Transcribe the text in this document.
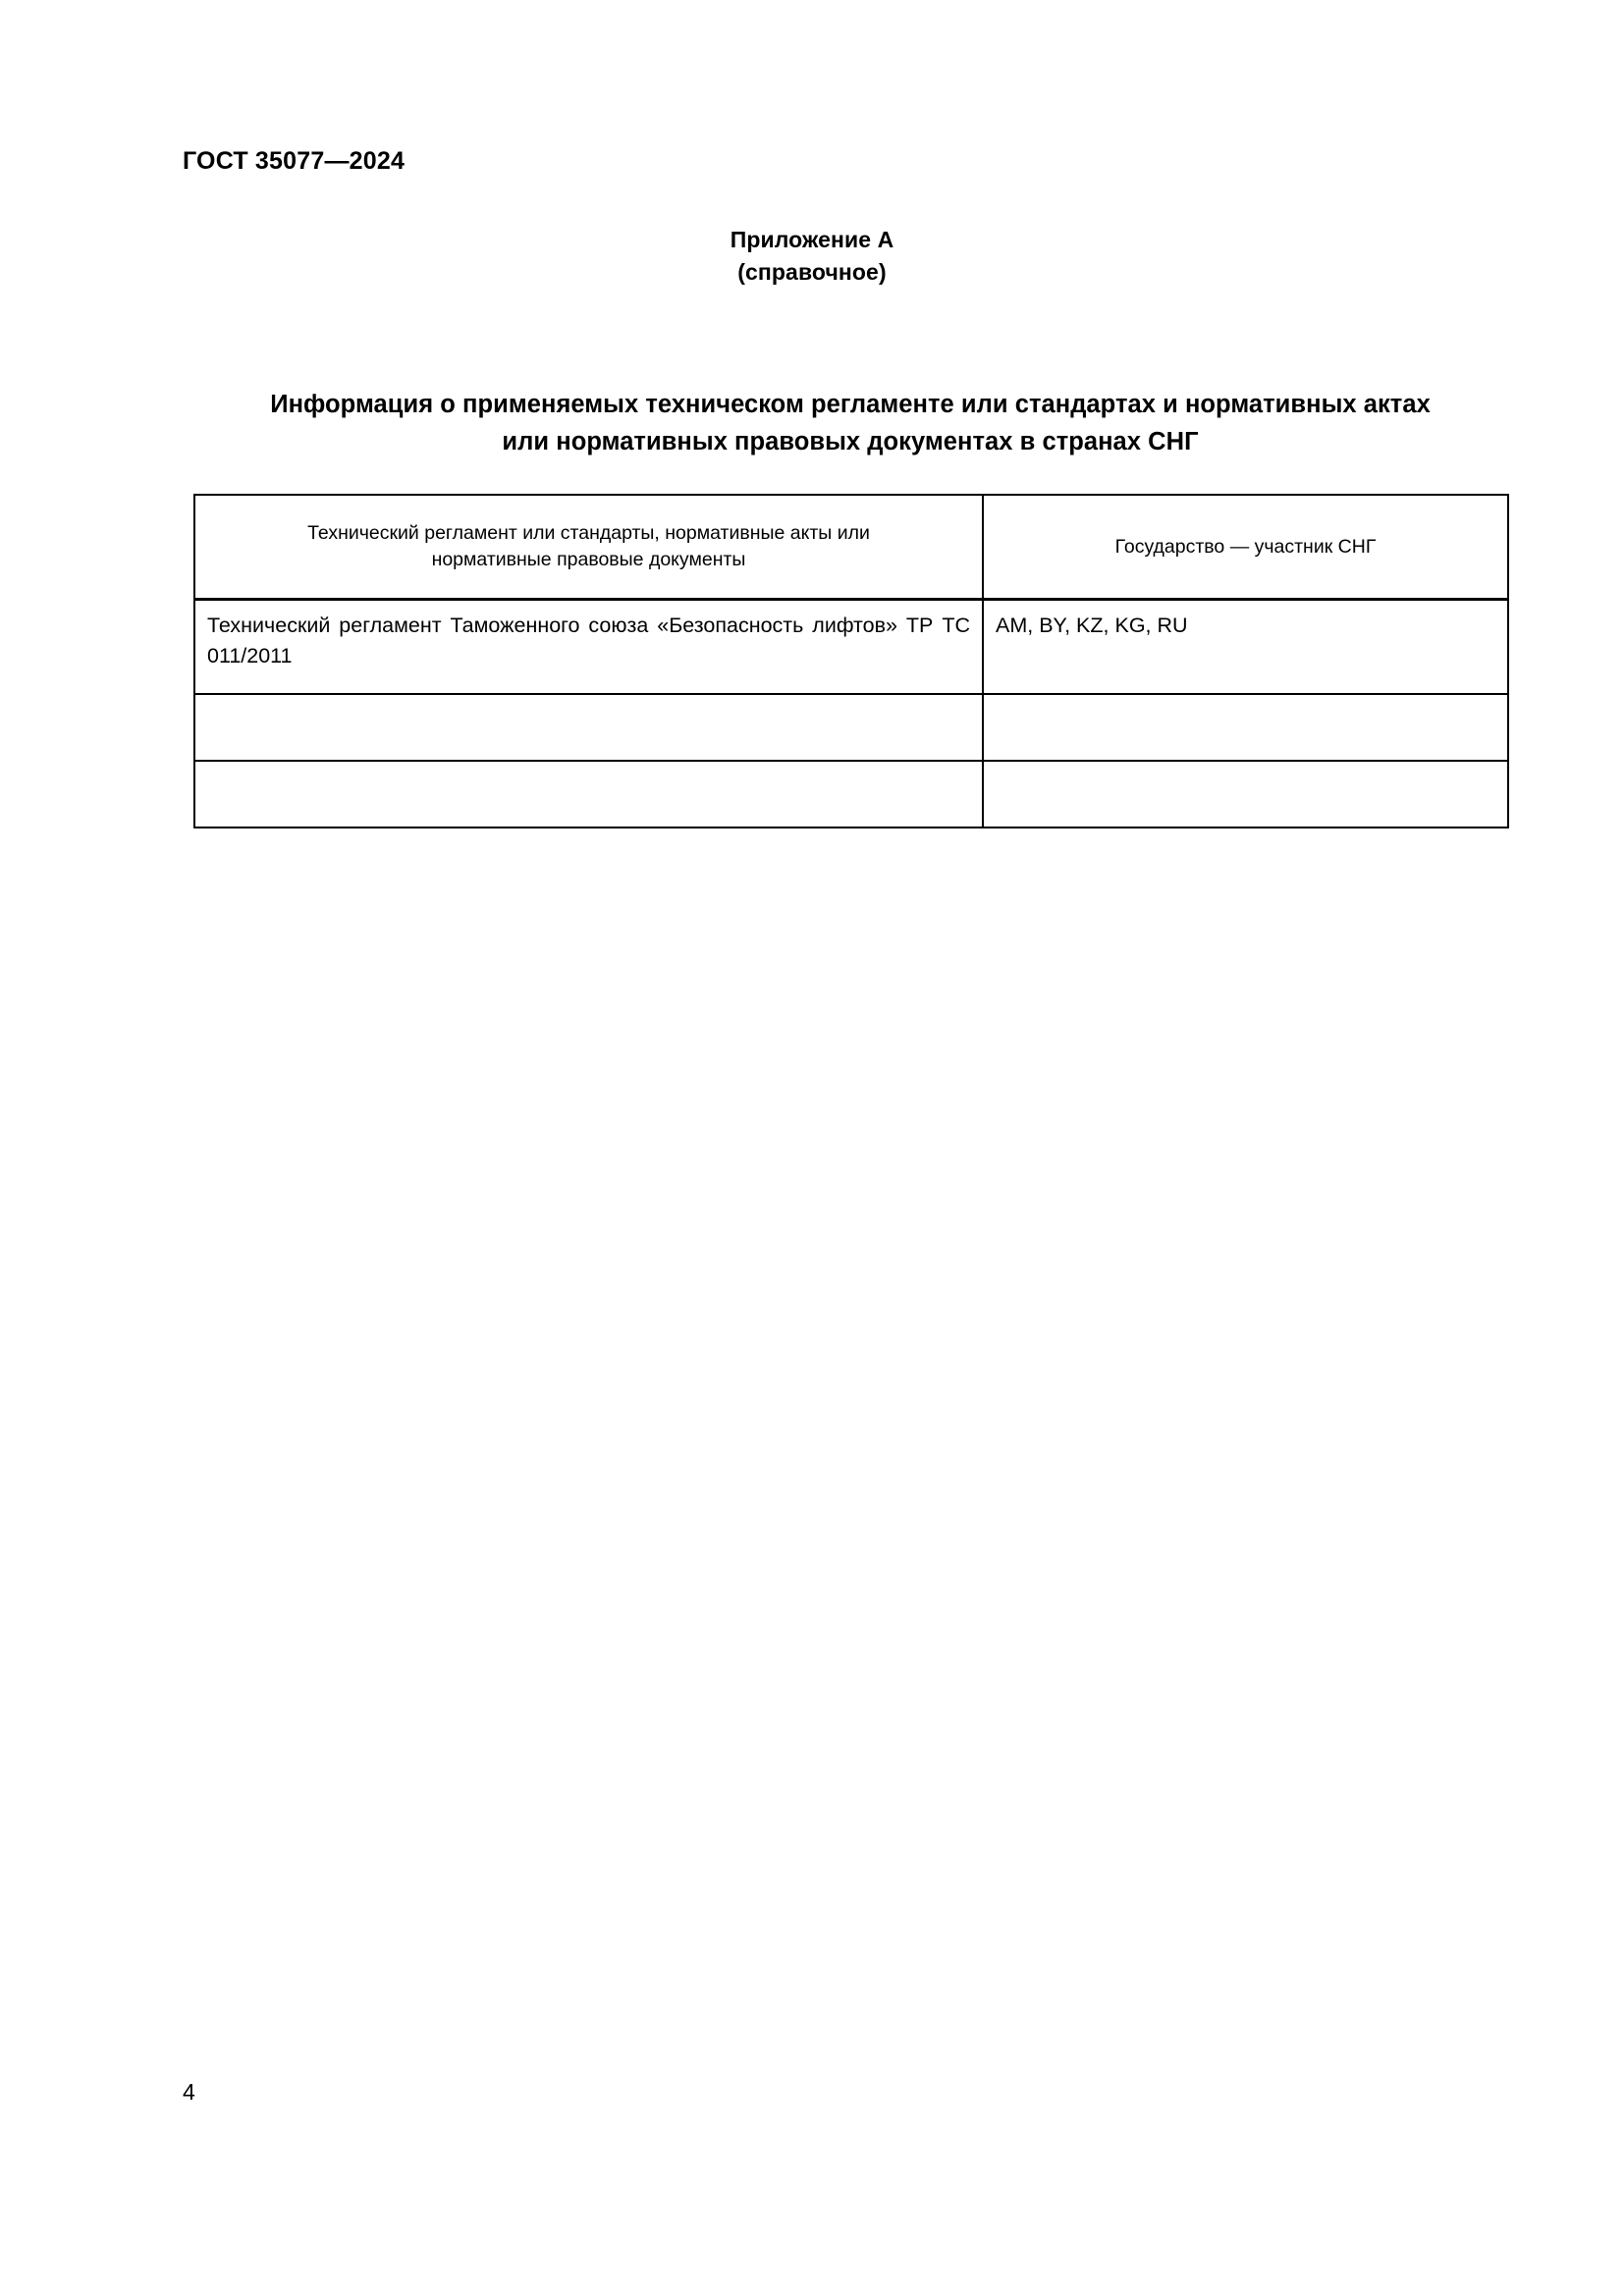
ГОСТ 35077—2024
Приложение А
(справочное)
Информация о применяемых техническом регламенте или стандартах и нормативных актах
или нормативных правовых документах в странах СНГ
Технический регламент или стандарты, нормативные акты или
нормативные правовые документы	Государство — участник СНГ

Технический регламент Таможенного союза «Безопасность лифтов» ТР ТС 011/2011	AM, BY, KZ, KG, RU

4
